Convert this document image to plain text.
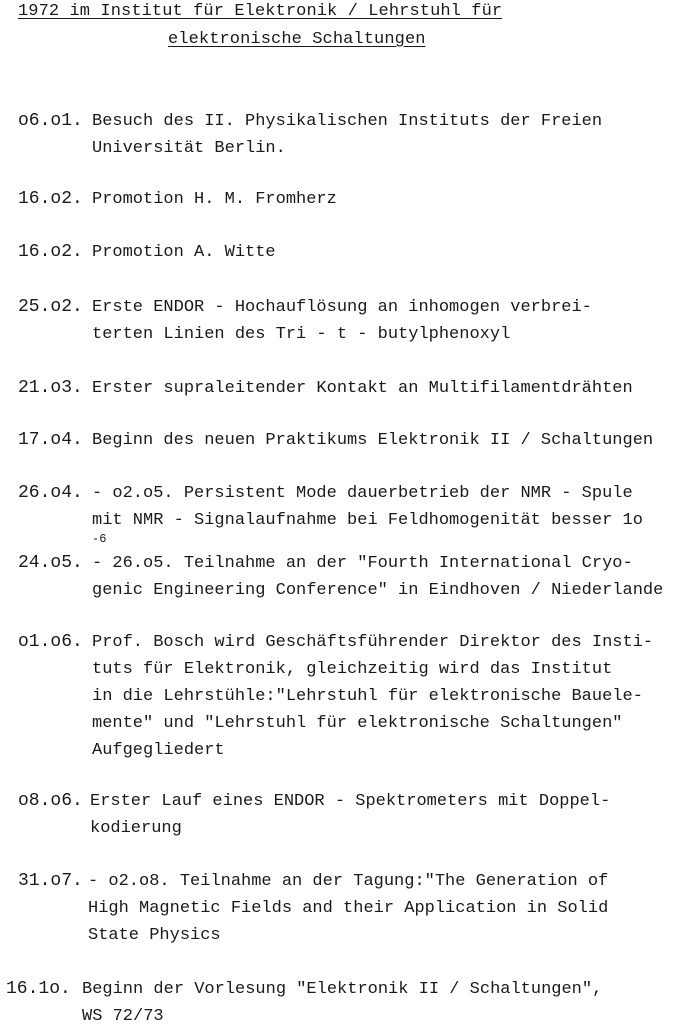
1972 im Institut für Elektronik / Lehrstuhl für
elektronische Schaltungen
o6.o1. Besuch des II. Physikalischen Instituts der Freien
Universität Berlin.
16.o2. Promotion H. M. Fromherz
16.o2. Promotion A. Witte
25.o2. Erste ENDOR - Hochauflösung an inhomogen verbrei-
terten Linien des Tri - t - butylphenoxyl
21.o3. Erster supraleitender Kontakt an Multifilamentdrähten
17.o4. Beginn des neuen Praktikums Elektronik II / Schaltungen
26.o4. - o2.o5. Persistent Mode dauerbetrieb der NMR - Spule
mit NMR - Signalaufnahme bei Feldhomogenität besser 1o
$^{-6}$
24.o5. - 26.o5. Teilnahme an der "Fourth International Cryo-
genic Engineering Conference" in Eindhoven / Niederlande
o1.o6. Prof. Bosch wird Geschäftsführender Direktor des Insti-
tuts für Elektronik, gleichzeitig wird das Institut
in die Lehrstühle:"Lehrstuhl für elektronische Bauele-
mente" und "Lehrstuhl für elektronische Schaltungen"
Aufgegliedert
o8.o6. Erster Lauf eines ENDOR - Spektrometers mit Doppel-
kodierung
31.o7. - o2.o8. Teilnahme an der Tagung:"The Generation of
High Magnetic Fields and their Application in Solid
State Physics
16.1o. Beginn der Vorlesung "Elektronik II / Schaltungen",
WS 72/73
